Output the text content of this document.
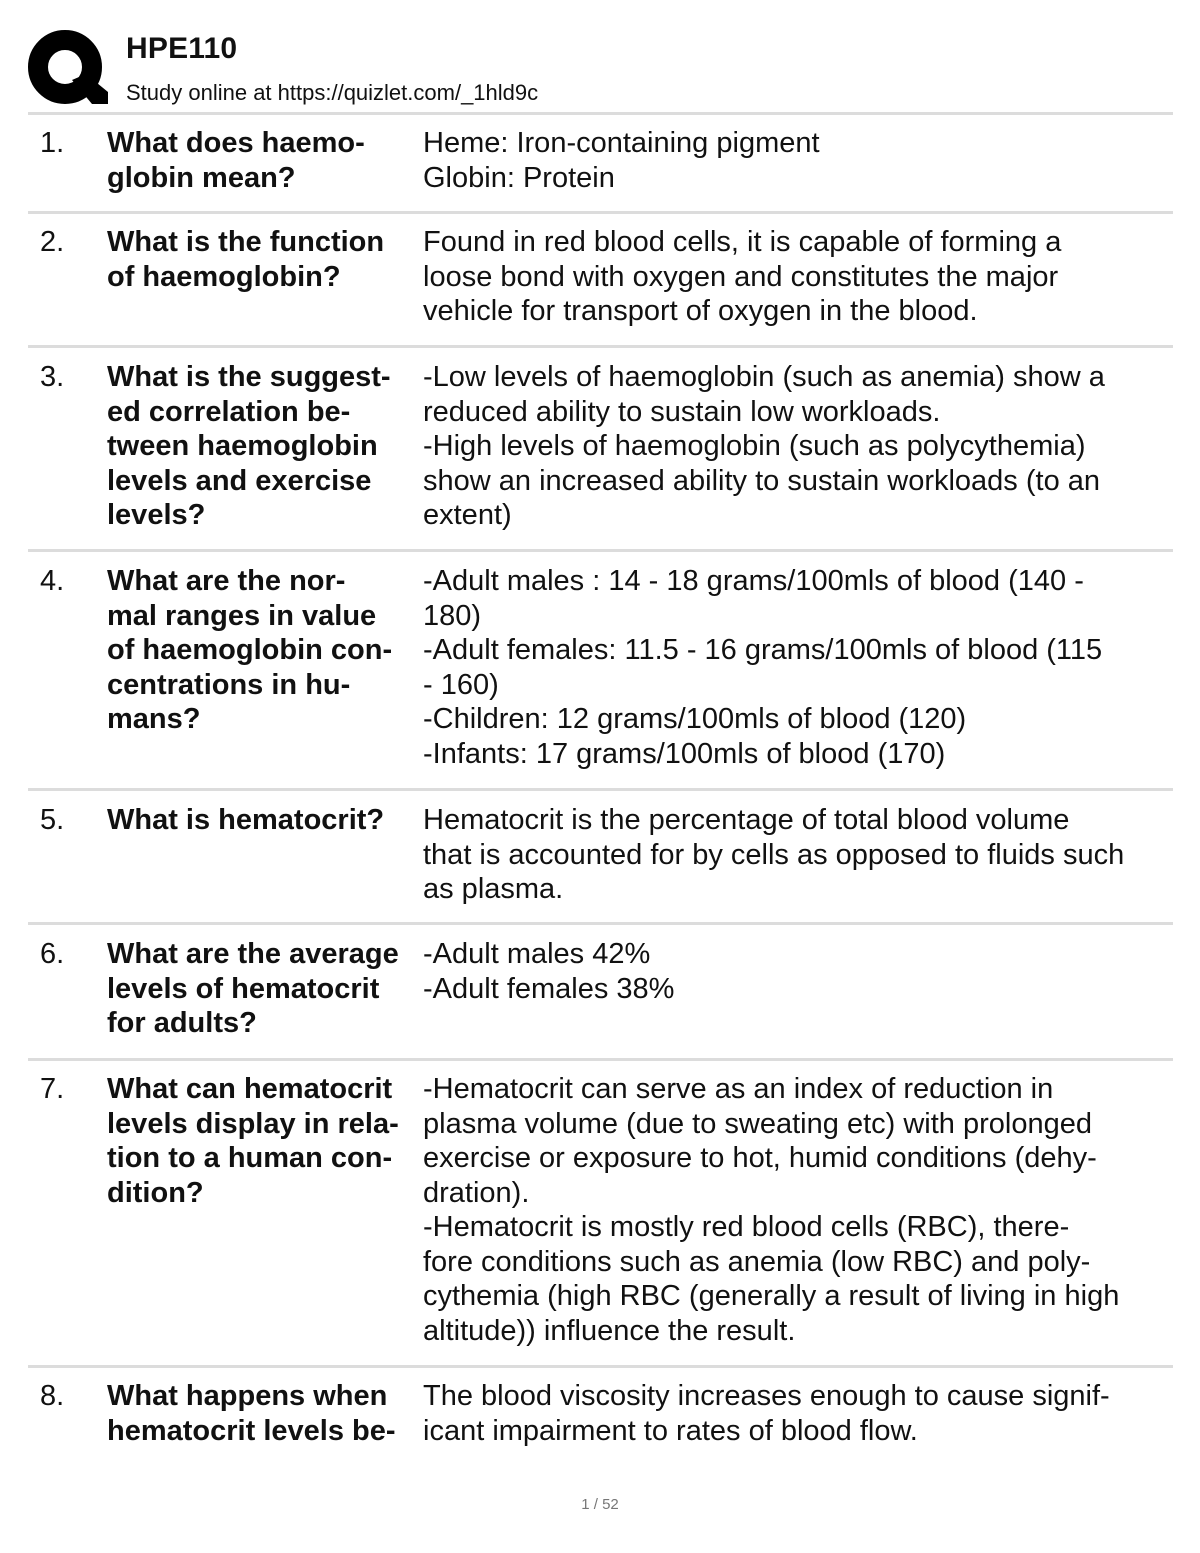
HPE110
Study online at https://quizlet.com/_1hld9c
1. What does haemo-
globin mean?
Heme: Iron-containing pigment
Globin: Protein
2. What is the function
of haemoglobin?
Found in red blood cells, it is capable of forming a
loose bond with oxygen and constitutes the major
vehicle for transport of oxygen in the blood.
3. What is the suggest-
ed correlation be-
tween haemoglobin
levels and exercise
levels?
-Low levels of haemoglobin (such as anemia) show a
reduced ability to sustain low workloads.
-High levels of haemoglobin (such as polycythemia)
show an increased ability to sustain workloads (to an
extent)
4. What are the nor-
mal ranges in value
of haemoglobin con-
centrations in hu-
mans?
-Adult males : 14 - 18 grams/100mls of blood (140 -
180)
-Adult females: 11.5 - 16 grams/100mls of blood (115
- 160)
-Children: 12 grams/100mls of blood (120)
-Infants: 17 grams/100mls of blood (170)
5. What is hematocrit?	Hematocrit is the percentage of total blood volume
that is accounted for by cells as opposed to fluids such
as plasma.
6. What are the average
levels of hematocrit
for adults?
-Adult males 42%
-Adult females 38%
7. What can hematocrit
levels display in rela-
tion to a human con-
dition?
-Hematocrit can serve as an index of reduction in
plasma volume (due to sweating etc) with prolonged
exercise or exposure to hot, humid conditions (dehy-
dration).
-Hematocrit is mostly red blood cells (RBC), there-
fore conditions such as anemia (low RBC) and poly-
cythemia (high RBC (generally a result of living in high
altitude)) influence the result.
8. What happens when
hematocrit levels be-
The blood viscosity increases enough to cause signif-
icant impairment to rates of blood flow.
1 / 52
